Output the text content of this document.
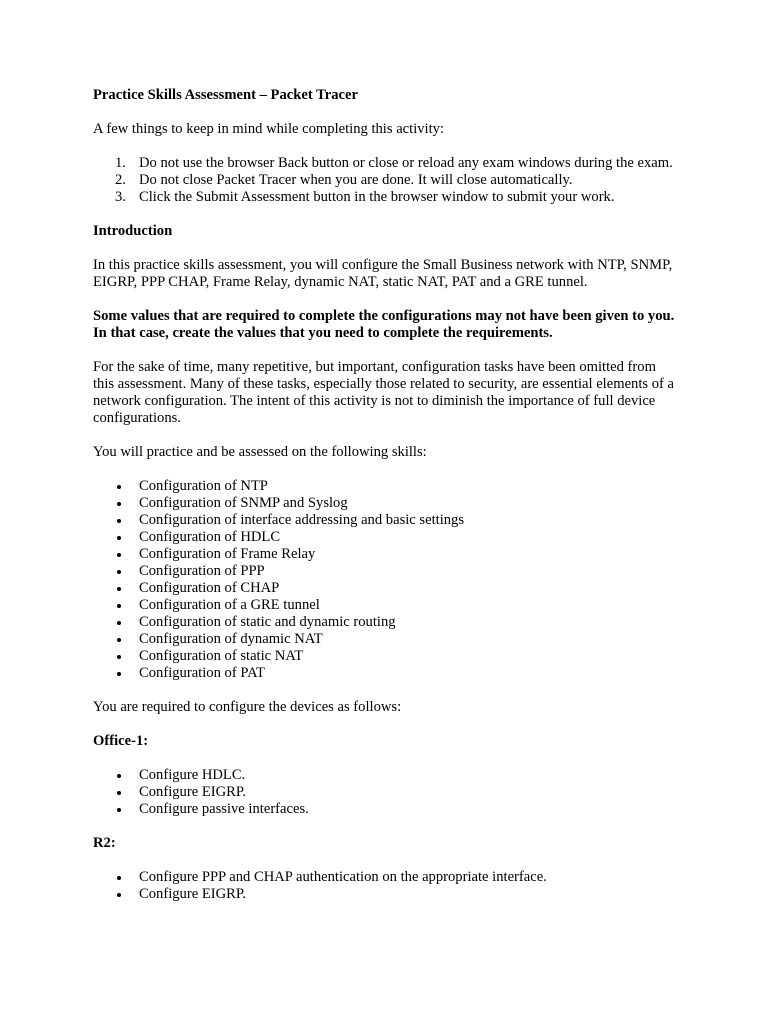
Practice Skills Assessment – Packet Tracer

A few things to keep in mind while completing this activity:

1. Do not use the browser Back button or close or reload any exam windows during the exam.
2. Do not close Packet Tracer when you are done. It will close automatically.
3. Click the Submit Assessment button in the browser window to submit your work.

Introduction

In this practice skills assessment, you will configure the Small Business network with NTP, SNMP, EIGRP, PPP CHAP, Frame Relay, dynamic NAT, static NAT, PAT and a GRE tunnel.

Some values that are required to complete the configurations may not have been given to you. In that case, create the values that you need to complete the requirements.

For the sake of time, many repetitive, but important, configuration tasks have been omitted from this assessment. Many of these tasks, especially those related to security, are essential elements of a network configuration. The intent of this activity is not to diminish the importance of full device configurations.

You will practice and be assessed on the following skills:

Configuration of NTP
Configuration of SNMP and Syslog
Configuration of interface addressing and basic settings
Configuration of HDLC
Configuration of Frame Relay
Configuration of PPP
Configuration of CHAP
Configuration of a GRE tunnel
Configuration of static and dynamic routing
Configuration of dynamic NAT
Configuration of static NAT
Configuration of PAT

You are required to configure the devices as follows:

Office-1:

Configure HDLC.
Configure EIGRP.
Configure passive interfaces.

R2:

Configure PPP and CHAP authentication on the appropriate interface.
Configure EIGRP.
